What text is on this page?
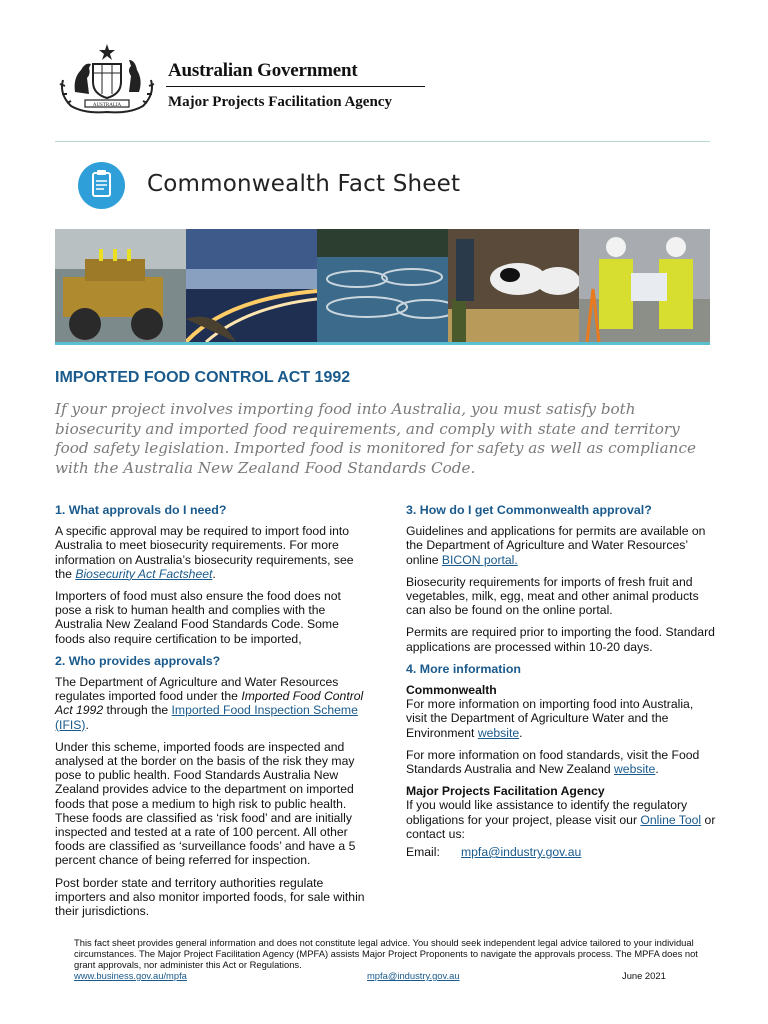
AUSTRALIA
Australian Government
Major Projects Facilitation Agency
Commonwealth Fact Sheet
IMPORTED FOOD CONTROL ACT 1992

If your project involves importing food into Australia, you must satisfy both biosecurity and imported food requirements, and comply with state and territory food safety legislation. Imported food is monitored for safety as well as compliance with the Australia New Zealand Food Standards Code.

1. What approvals do I need?

A specific approval may be required to import food into Australia to meet biosecurity requirements. For more information on Australia’s biosecurity requirements, see the Biosecurity Act Factsheet.

Importers of food must also ensure the food does not pose a risk to human health and complies with the Australia New Zealand Food Standards Code. Some foods also require certification to be imported,

2. Who provides approvals?

The Department of Agriculture and Water Resources regulates imported food under the Imported Food Control Act 1992 through the Imported Food Inspection Scheme (IFIS).

Under this scheme, imported foods are inspected and analysed at the border on the basis of the risk they may pose to public health. Food Standards Australia New Zealand provides advice to the department on imported foods that pose a medium to high risk to public health. These foods are classified as ‘risk food’ and are initially inspected and tested at a rate of 100 percent. All other foods are classified as ‘surveillance foods’ and have a 5 percent chance of being referred for inspection.

Post border state and territory authorities regulate importers and also monitor imported foods, for sale within their jurisdictions.

3. How do I get Commonwealth approval?

Guidelines and applications for permits are available on the Department of Agriculture and Water Resources’ online BICON portal.

Biosecurity requirements for imports of fresh fruit and vegetables, milk, egg, meat and other animal products can also be found on the online portal.

Permits are required prior to importing the food. Standard applications are processed within 10-20 days.

4. More information

Commonwealth

For more information on importing food into Australia, visit the Department of Agriculture Water and the Environment website.

For more information on food standards, visit the Food Standards Australia and New Zealand website.

Major Projects Facilitation Agency

If you would like assistance to identify the regulatory obligations for your project, please visit our Online Tool or contact us:

Email: mpfa@industry.gov.au

This fact sheet provides general information and does not constitute legal advice. You should seek independent legal advice tailored to your individual circumstances. The Major Project Facilitation Agency (MPFA) assists Major Project Proponents to navigate the approvals process. The MPFA does not grant approvals, nor administer this Act or Regulations.

www.business.gov.au/mpfa	mpfa@industry.gov.au	June 2021
